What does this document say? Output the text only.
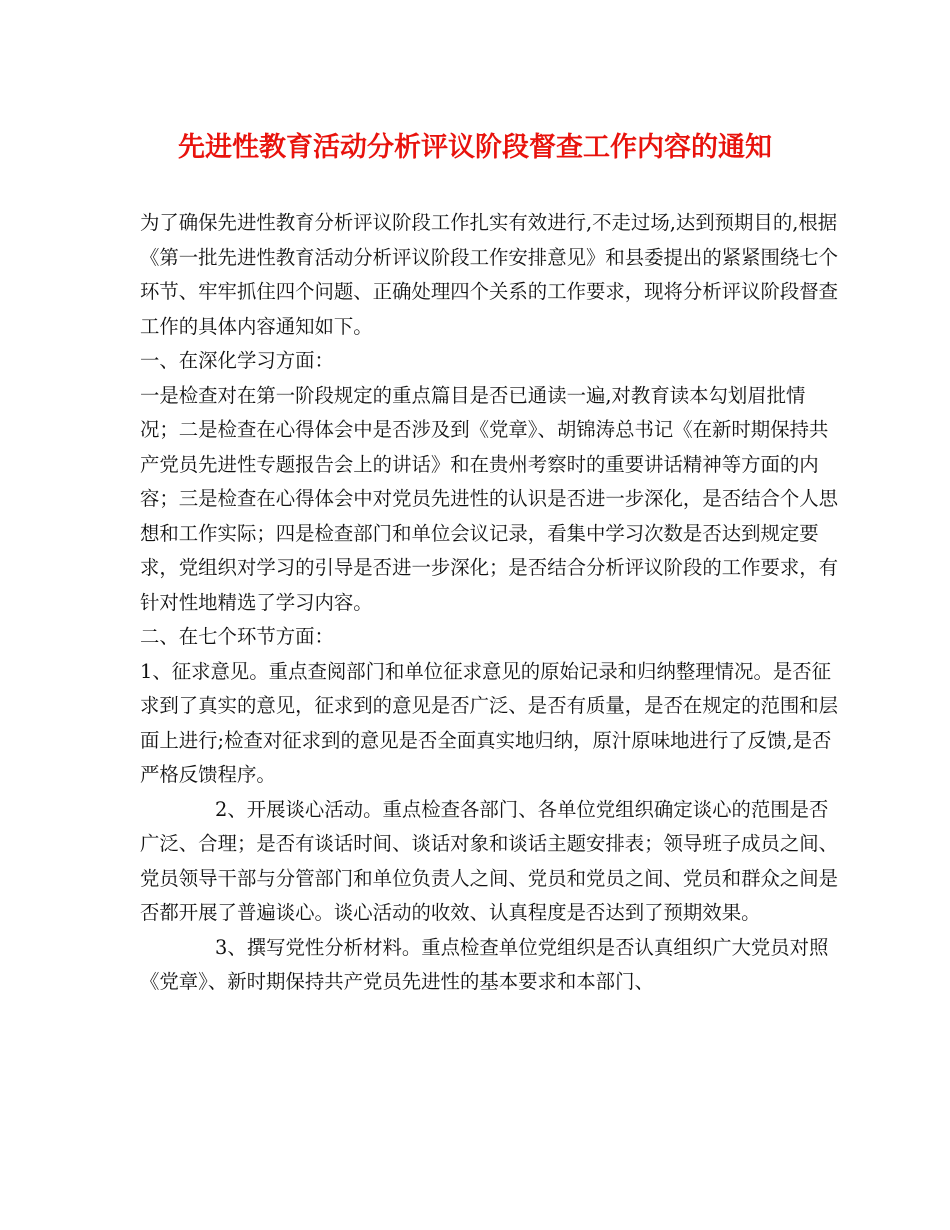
先进性教育活动分析评议阶段督查工作内容的通知

为了确保先进性教育分析评议阶段工作扎实有效进行,不走过场,达到预期目的,根据《第一批先进性教育活动分析评议阶段工作安排意见》和县委提出的紧紧围绕七个环节、牢牢抓住四个问题、正确处理四个关系的工作要求，现将分析评议阶段督查工作的具体内容通知如下。

一、在深化学习方面：

一是检查对在第一阶段规定的重点篇目是否已通读一遍,对教育读本勾划眉批情况；二是检查在心得体会中是否涉及到《党章》、胡锦涛总书记《在新时期保持共产党员先进性专题报告会上的讲话》和在贵州考察时的重要讲话精神等方面的内容；三是检查在心得体会中对党员先进性的认识是否进一步深化，是否结合个人思想和工作实际；四是检查部门和单位会议记录，看集中学习次数是否达到规定要求，党组织对学习的引导是否进一步深化；是否结合分析评议阶段的工作要求，有针对性地精选了学习内容。

二、在七个环节方面：

1、征求意见。重点查阅部门和单位征求意见的原始记录和归纳整理情况。是否征求到了真实的意见，征求到的意见是否广泛、是否有质量，是否在规定的范围和层面上进行;检查对征求到的意见是否全面真实地归纳，原汁原味地进行了反馈,是否严格反馈程序。

2、开展谈心活动。重点检查各部门、各单位党组织确定谈心的范围是否广泛、合理；是否有谈话时间、谈话对象和谈话主题安排表；领导班子成员之间、党员领导干部与分管部门和单位负责人之间、党员和党员之间、党员和群众之间是否都开展了普遍谈心。谈心活动的收效、认真程度是否达到了预期效果。

3、撰写党性分析材料。重点检查单位党组织是否认真组织广大党员对照《党章》、新时期保持共产党员先进性的基本要求和本部门、
